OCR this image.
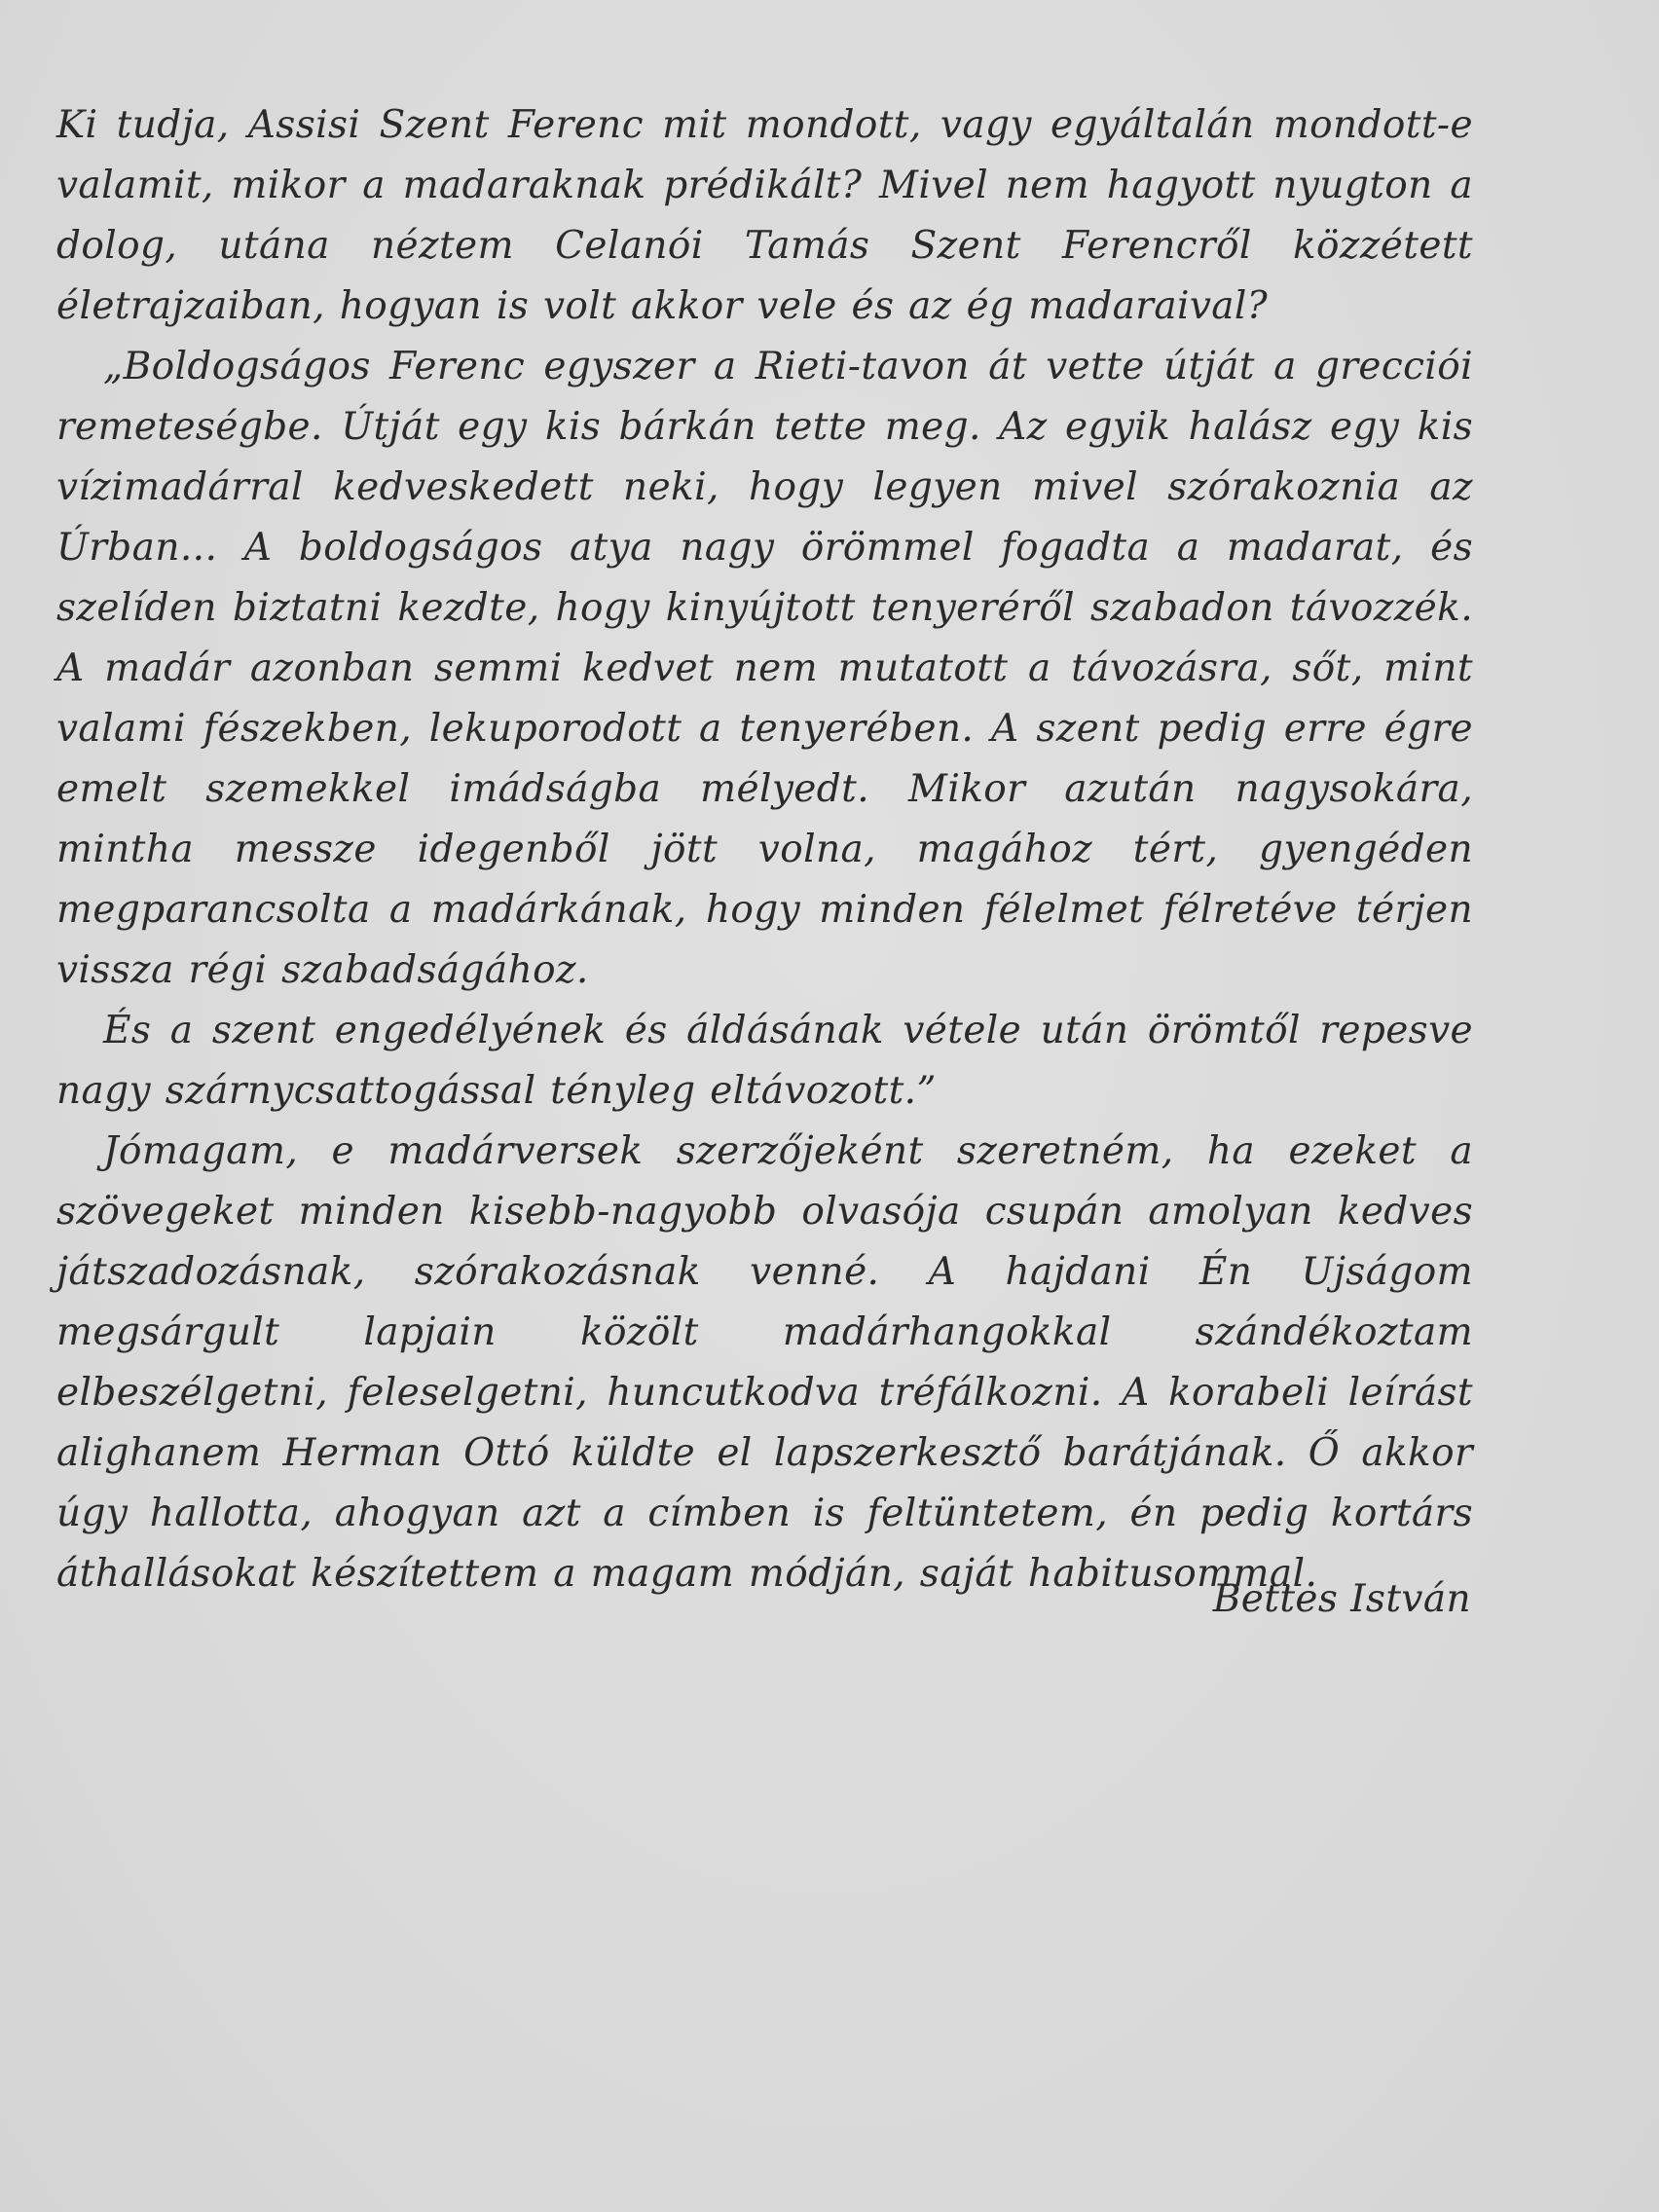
Ki tudja, Assisi Szent Ferenc mit mondott, vagy egyáltalán mondott-e valamit, mikor a madaraknak prédikált? Mivel nem hagyott nyugton a dolog, utána néztem Celanói Tamás Szent Ferencről közzétett életrajzaiban, hogyan is volt akkor vele és az ég madaraival?

„Boldogságos Ferenc egyszer a Rieti-tavon át vette útját a grecciói remeteségbe. Útját egy kis bárkán tette meg. Az egyik halász egy kis vízimadárral kedveskedett neki, hogy legyen mivel szórakoznia az Úrban... A boldogságos atya nagy örömmel fogadta a madarat, és szelíden biztatni kezdte, hogy kinyújtott tenyeréről szabadon távozzék. A madár azonban semmi kedvet nem mutatott a távozásra, sőt, mint valami fészekben, lekuporodott a tenyerében. A szent pedig erre égre emelt szemekkel imádságba mélyedt. Mikor azután nagysokára, mintha messze idegenből jött volna, magához tért, gyengéden megparancsolta a madárkának, hogy minden félelmet félretéve térjen vissza régi szabadságához.

És a szent engedélyének és áldásának vétele után örömtől repesve nagy szárnycsattogással tényleg eltávozott.”

Jómagam, e madárversek szerzőjeként szeretném, ha ezeket a szövegeket minden kisebb-nagyobb olvasója csupán amolyan kedves játszadozásnak, szórakozásnak venné. A hajdani Én Ujságom megsárgult lapjain közölt madárhangokkal szándékoztam elbeszélgetni, feleselgetni, huncutkodva tréfálkozni. A korabeli leírást alighanem Herman Ottó küldte el lapszerkesztő barátjának. Ő akkor úgy hallotta, ahogyan azt a címben is feltüntetem, én pedig kortárs áthallásokat készítettem a magam módján, saját habitusommal.

Bettes István
